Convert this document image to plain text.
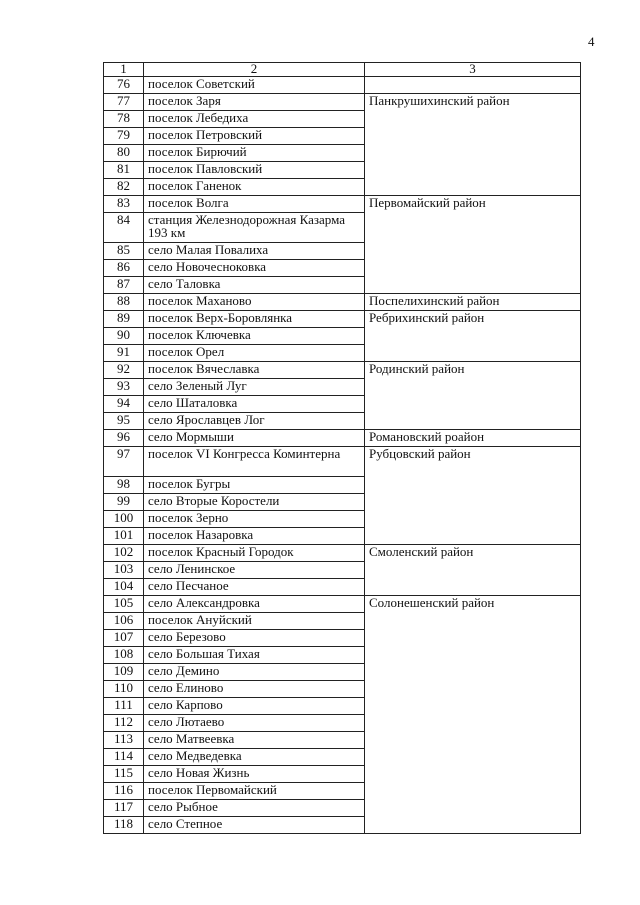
4
1	2	3
76	поселок Советский	
77	поселок Заря	Панкрушихинский район
78	поселок Лебедиха	
79	поселок Петровский	
80	поселок Бирючий	
81	поселок Павловский	
82	поселок Ганенок	
83	поселок Волга	Первомайский район
84	станция Железнодорожная Казарма 193 км	
85	село Малая Повалиха	
86	село Новочесноковка	
87	село Таловка	
88	поселок Маханово	Поспелихинский район
89	поселок Верх-Боровлянка	Ребрихинский район
90	поселок Ключевка	
91	поселок Орел	
92	поселок Вячеславка	Родинский район
93	село Зеленый Луг	
94	село Шаталовка	
95	село Ярославцев Лог	
96	село Мормыши	Романовский роайон
97	поселок VI Конгресса Коминтерна	Рубцовский район
98	поселок Бугры	
99	село Вторые Коростели	
100	поселок Зерно	
101	поселок Назаровка	
102	поселок Красный Городок	Смоленский район
103	село Ленинское	
104	село Песчаное	
105	село Александровка	Солонешенский район
106	поселок Ануйский	
107	село Березово	
108	село Большая Тихая	
109	село Демино	
110	село Елиново	
111	село Карпово	
112	село Лютаево	
113	село Матвеевка	
114	село Медведевка	
115	село Новая Жизнь	
116	поселок Первомайский	
117	село Рыбное	
118	село Степное	
